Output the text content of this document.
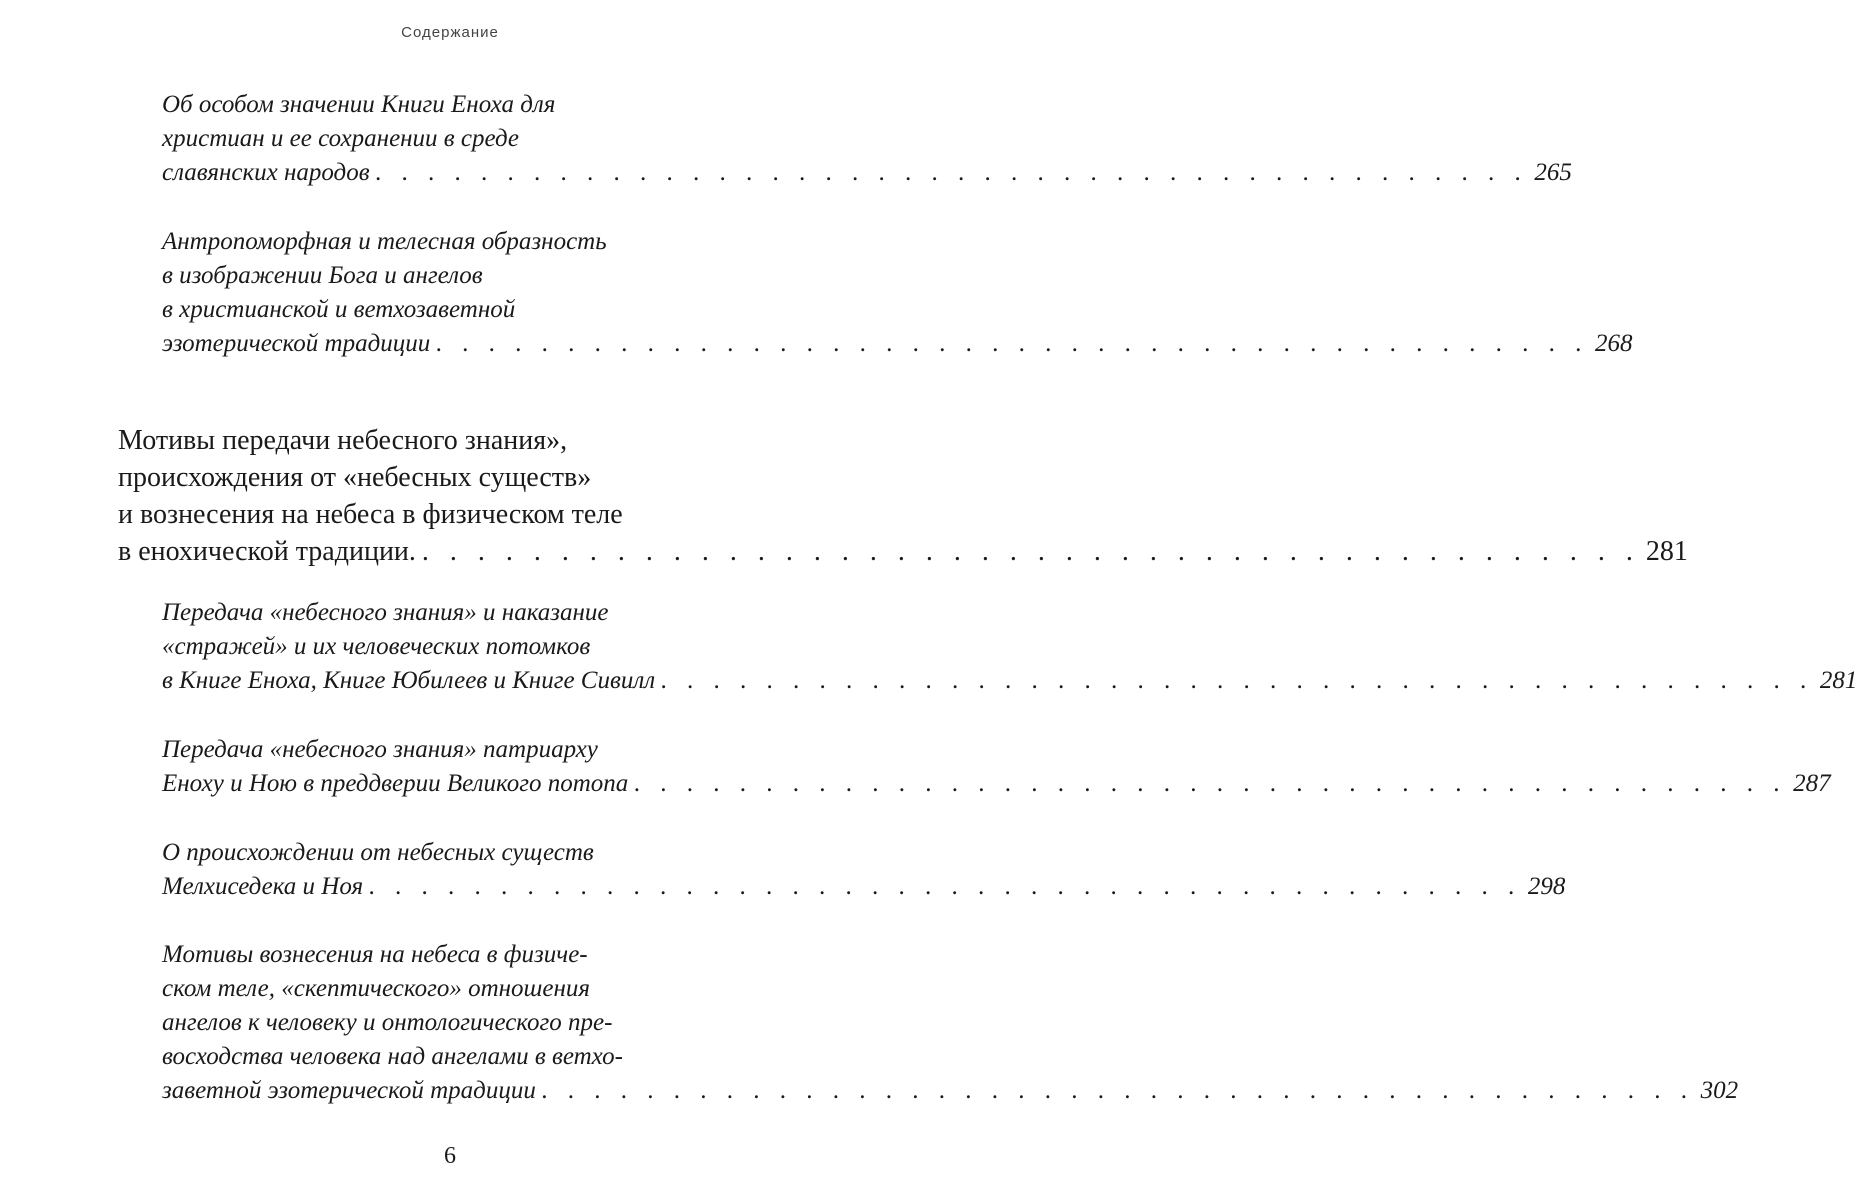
Содержание
Об особом значении Книги Еноха для
христиан и ее сохранении в среде
славянских народов . . . . . . . . . . . . . . . . . . . . . . . . . . . . . . . . . . . . . . . . . . . . 265
Антропоморфная и телесная образность
в изображении Бога и ангелов
в христианской и ветхозаветной
эзотерической традиции . . . . . . . . . . . . . . . . . . . . . . . . . . . . . . . . . . . . . . . . . . . . 268
Мотивы передачи небесного знания»,
происхождения от «небесных существ»
и вознесения на небеса в физическом теле
в енохической традиции. . . . . . . . . . . . . . . . . . . . . . . . . . . . . . . . . . . . . . . . . . . . . 281
Передача «небесного знания» и наказание
«стражей» и их человеческих потомков
в Книге Еноха, Книге Юбилеев и Книге Сивилл . . . . . . . . . . . . . . . . . . . . . . . . . . . . . . . . . . . . . . . . . . . . 281
Передача «небесного знания» патриарху
Еноху и Ною в преддверии Великого потопа . . . . . . . . . . . . . . . . . . . . . . . . . . . . . . . . . . . . . . . . . . . . 287
О происхождении от небесных существ
Мелхиседека и Ноя . . . . . . . . . . . . . . . . . . . . . . . . . . . . . . . . . . . . . . . . . . . . 298
Мотивы вознесения на небеса в физиче-
ском теле, «скептического» отношения
ангелов к человеку и онтологического пре-
восходства человека над ангелами в ветхо-
заветной эзотерической традиции . . . . . . . . . . . . . . . . . . . . . . . . . . . . . . . . . . . . . . . . . . . . 302
6
